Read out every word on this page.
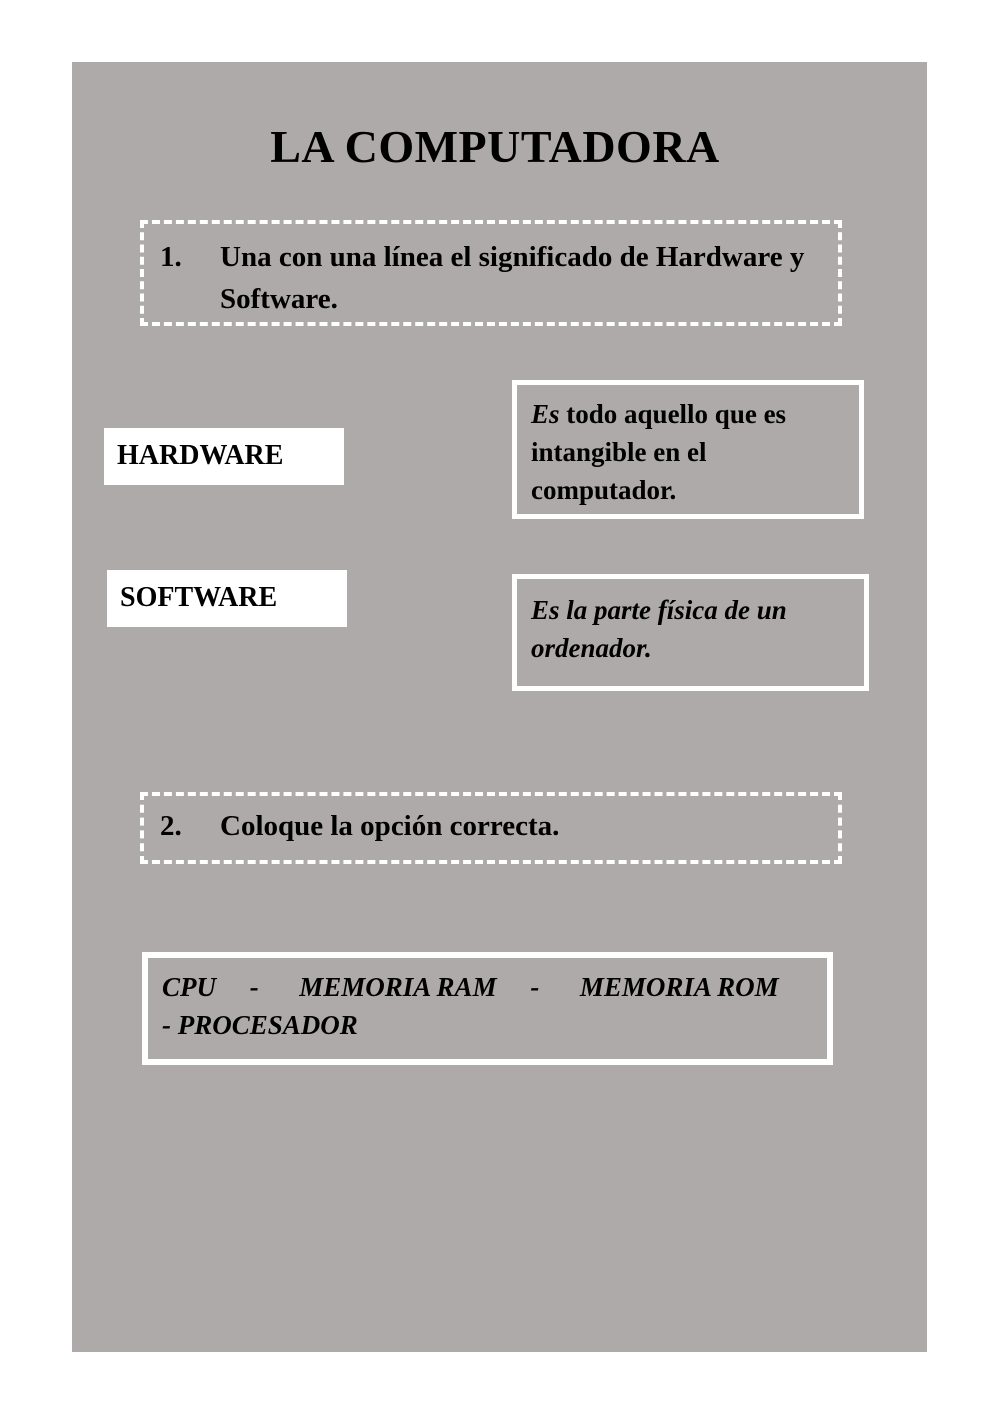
LA COMPUTADORA
1. Una con una línea el significado de Hardware y Software.
HARDWARE
SOFTWARE
Es todo aquello que es intangible en el computador.
Es la parte física de un ordenador.
2. Coloque la opción correcta.
CPU     -      MEMORIA RAM     -      MEMORIA ROM
- PROCESADOR
